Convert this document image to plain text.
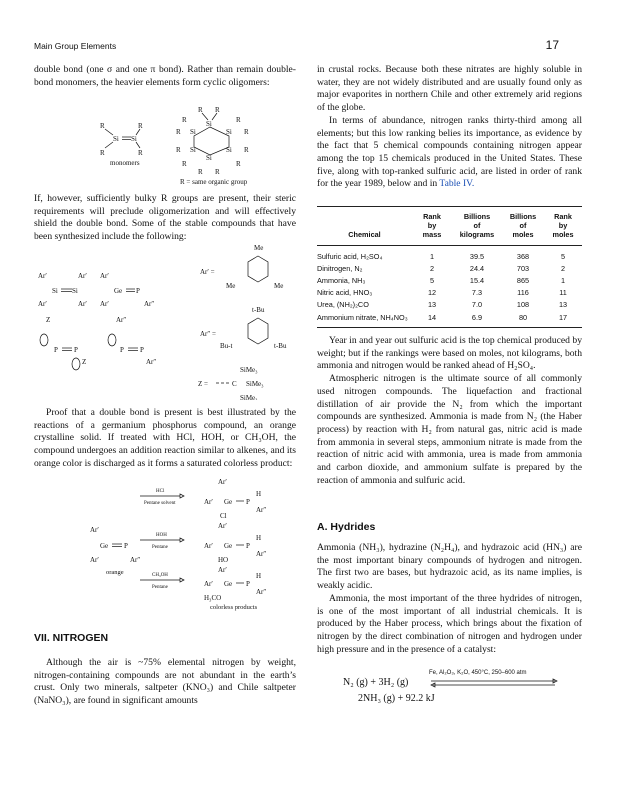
Main Group Elements	17

double bond (one σ and one π bond). Rather than remain double-bond monomers, the heavier elements form cyclic oligomers:

R	R
Si Si
R	R
monomers
R R
Si
Si	Si
Si	Si
Si
R	R
R	R
R	R
R	R
R R
R = same organic group

If, however, sufficiently bulky R groups are present, their steric requirements will preclude oligomerization and will effectively shield the double bond. Some of the stable compounds that have been synthesized include the following:

Ar′	Ar′
Si Si
Ar′	Ar′
Ar′
Ge P
Ar′	Ar″
Z
P P
Z
Ar″
P P
Ar″
Ar′ =
Me
Me	Me
t-Bu
Ar″ =
Bu-t	t-Bu
SiMe₃
Z =	C SiMe₃
SiMe₃

Proof that a double bond is present is best illustrated by the reactions of a germanium phosphorus compound, an orange crystalline solid. If treated with HCl, HOH, or CH₃OH, the compound undergoes an addition reaction similar to alkenes, and its orange color is discharged as it forms a saturated colorless product:

Ar′
Ge P
Ar′	Ar″
orange
HCl
Pentane solvent
HOH
Pentane
CH₃OH
Pentane
Ar′
Ar′ Ge P
H
Ar″
Cl
Ar′
Ar′ Ge P
H
Ar″
HO
Ar′
Ar′ Ge P
H
Ar″
H₃CO
colorless products
VII. NITROGEN

Although the air is ~75% elemental nitrogen by weight, nitrogen-containing compounds are not abundant in the earth’s crust. Only two minerals, saltpeter (KNO₃) and Chile saltpeter (NaNO₃), are found in significant amounts

in crustal rocks. Because both these nitrates are highly soluble in water, they are not widely distributed and are usually found only as major evaporites in northern Chile and other extremely arid regions of the globe.

In terms of abundance, nitrogen ranks thirty-third among all elements; but this low ranking belies its importance, as evidence by the fact that 5 chemical compounds containing nitrogen appear among the top 15 chemicals produced in the United States. These five, along with top-ranked sulfuric acid, are listed in order of rank for the year 1989, below and in Table IV.

	Rank	Billions	Billions	Rank
	by	of	of	by
Chemical	mass	kilograms	moles	moles

Sulfuric acid, H₂SO₄	1	39.5	368	5
Dinitrogen, N₂	2	24.4	703	2
Ammonia, NH₃	5	15.4	865	1
Nitric acid, HNO₃	12	7.3	116	11
Urea, (NH₂)₂CO	13	7.0	108	13
Ammonium nitrate, NH₄NO₃	14	6.9	80	17

Year in and year out sulfuric acid is the top chemical produced by weight; but if the rankings were based on moles, not kilograms, both ammonia and nitrogen would be ranked ahead of H₂SO₄.

Atmospheric nitrogen is the ultimate source of all commonly used nitrogen compounds. The liquefaction and fractional distillation of air provide the N₂ from which the important compounds are synthesized. Ammonia is made from N₂ (the Haber process) by reaction with H₂ from natural gas, nitric acid is made from ammonia in several steps, ammonium nitrate is made from the reaction of nitric acid with ammonia, urea is made from ammonia and carbon dioxide, and ammonium sulfate is prepared by the reaction of ammonia and sulfuric acid.

A. Hydrides

Ammonia (NH₃), hydrazine (N₂H₄), and hydrazoic acid (HN₃) are the most important binary compounds of hydrogen and nitrogen. The first two are bases, but hydrazoic acid, as its name implies, is weakly acidic.

Ammonia, the most important of the three hydrides of nitrogen, is one of the most important of all industrial chemicals. It is produced by the Haber process, which brings about the fixation of nitrogen by the direct combination of nitrogen and hydrogen under high pressure and in the presence of a catalyst:

N₂ (g) + 3H₂ (g)
Fe, Al₂O₃, K₂O, 450°C, 250–600 atm
2NH₃ (g) + 92.2 kJ
